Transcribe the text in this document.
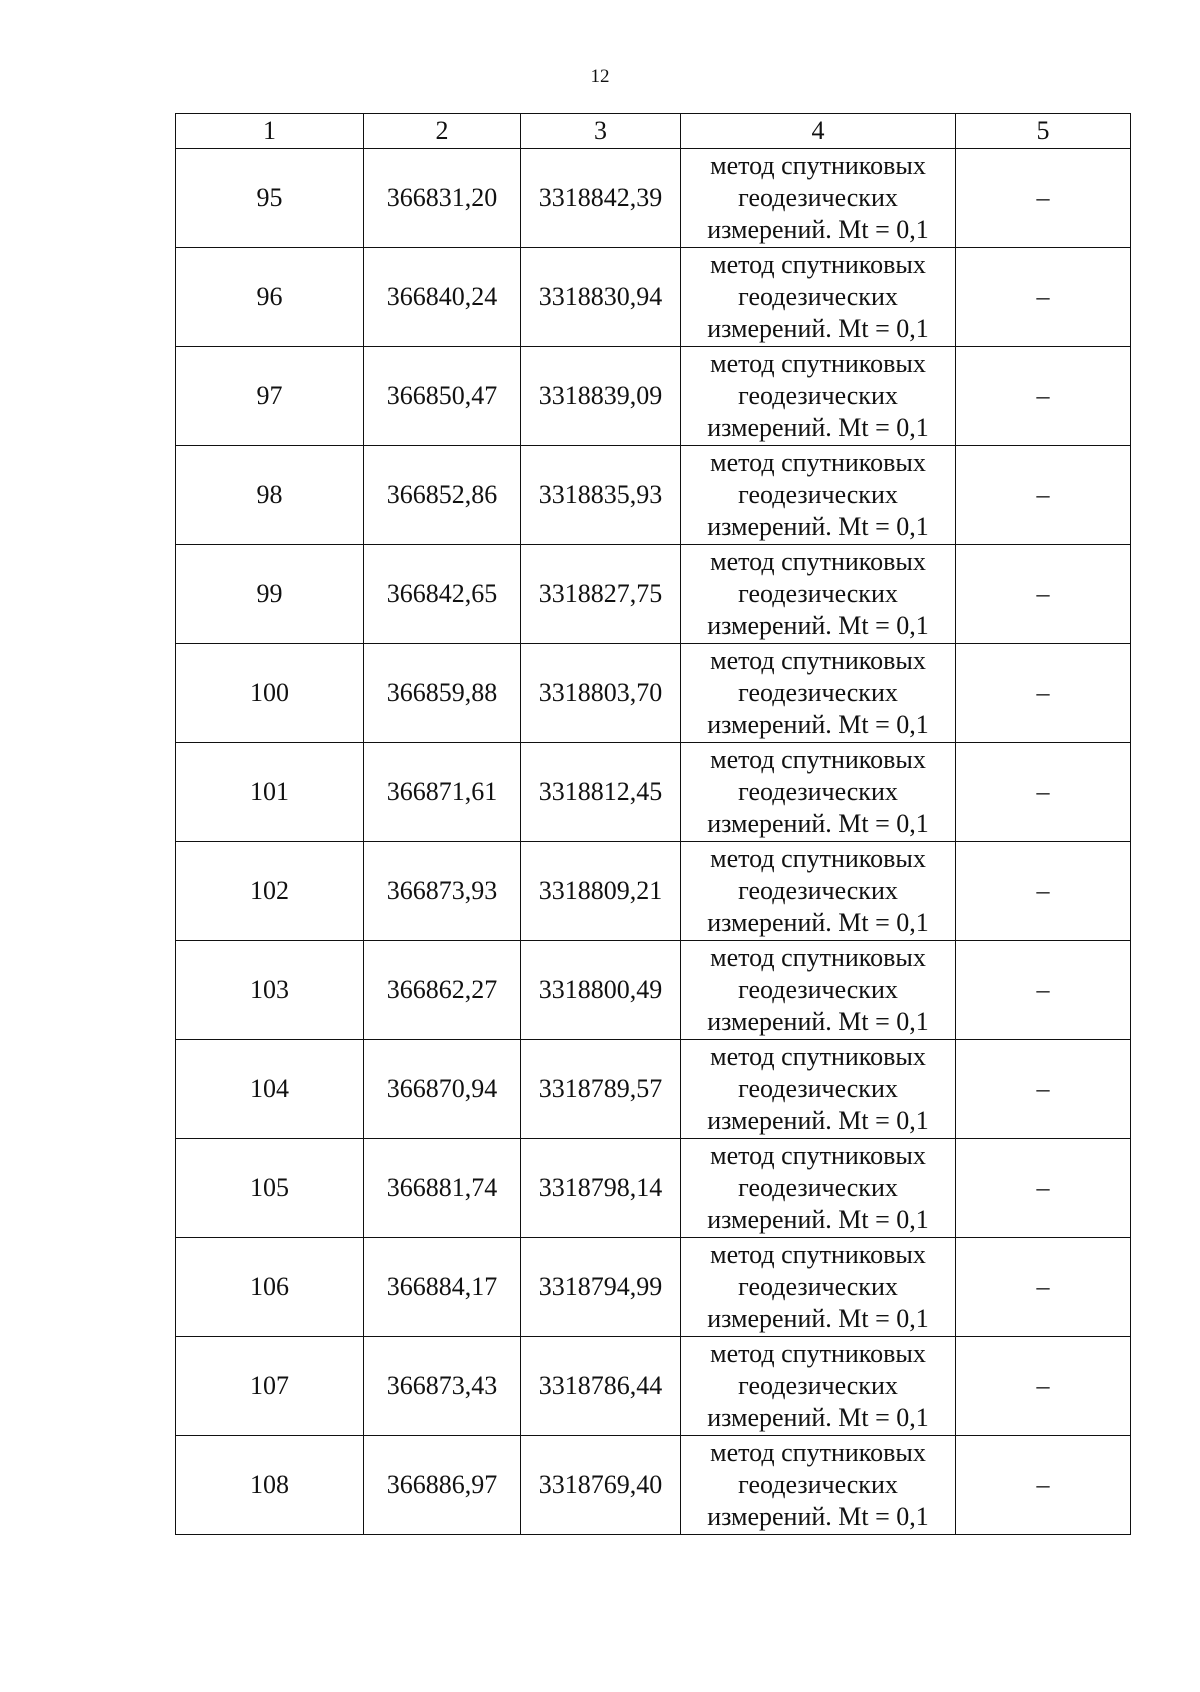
12
1	2	3	4	5
95	366831,20	3318842,39	метод спутниковых
геодезических
измерений. Mt = 0,1	–
96	366840,24	3318830,94	метод спутниковых
геодезических
измерений. Mt = 0,1	–
97	366850,47	3318839,09	метод спутниковых
геодезических
измерений. Mt = 0,1	–
98	366852,86	3318835,93	метод спутниковых
геодезических
измерений. Mt = 0,1	–
99	366842,65	3318827,75	метод спутниковых
геодезических
измерений. Mt = 0,1	–
100	366859,88	3318803,70	метод спутниковых
геодезических
измерений. Mt = 0,1	–
101	366871,61	3318812,45	метод спутниковых
геодезических
измерений. Mt = 0,1	–
102	366873,93	3318809,21	метод спутниковых
геодезических
измерений. Mt = 0,1	–
103	366862,27	3318800,49	метод спутниковых
геодезических
измерений. Mt = 0,1	–
104	366870,94	3318789,57	метод спутниковых
геодезических
измерений. Mt = 0,1	–
105	366881,74	3318798,14	метод спутниковых
геодезических
измерений. Mt = 0,1	–
106	366884,17	3318794,99	метод спутниковых
геодезических
измерений. Mt = 0,1	–
107	366873,43	3318786,44	метод спутниковых
геодезических
измерений. Mt = 0,1	–
108	366886,97	3318769,40	метод спутниковых
геодезических
измерений. Mt = 0,1	–
